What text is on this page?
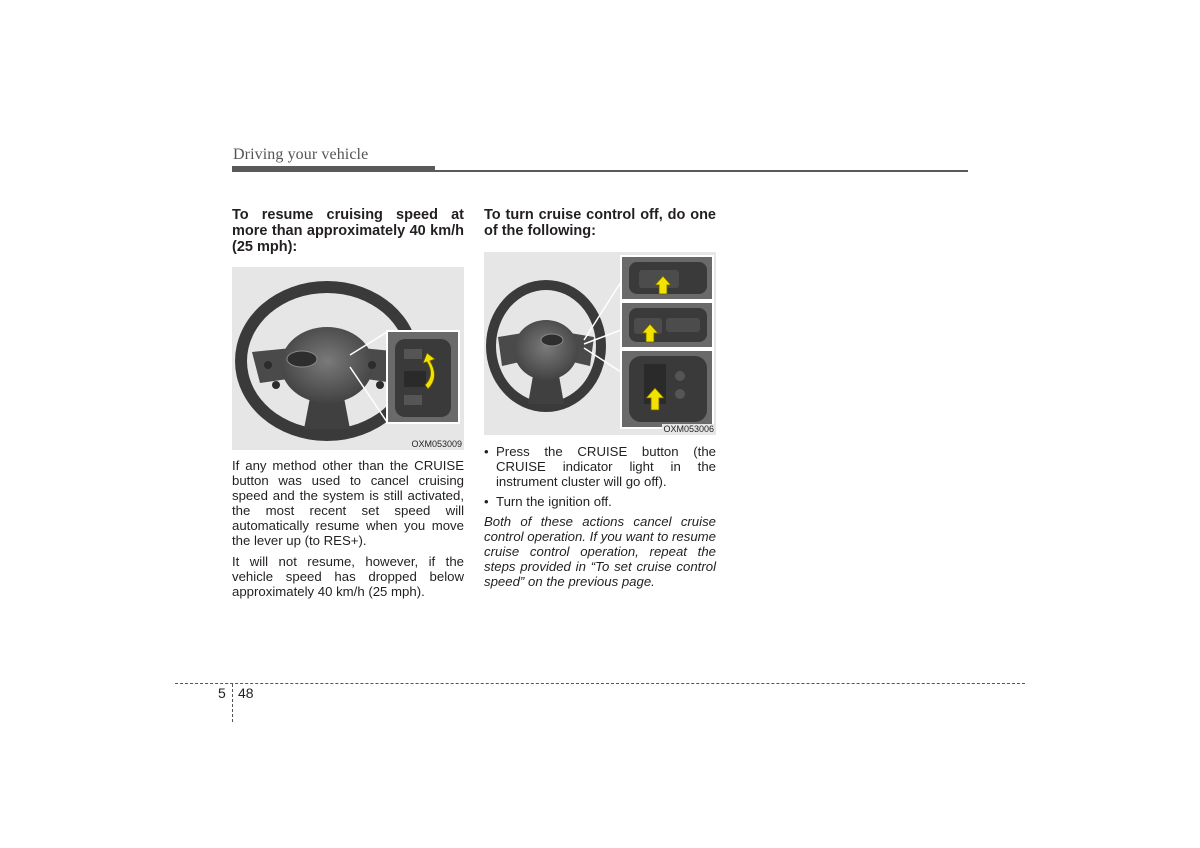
Driving your vehicle
To resume cruising speed at more than approximately 40 km/h (25 mph):
OXM053009

If any method other than the CRUISE button was used to cancel cruising speed and the system is still activated, the most recent set speed will automatically resume when you move the lever up (to RES+).

It will not resume, however, if the vehicle speed has dropped below approximately 40 km/h (25 mph).

To turn cruise control off, do one of the following:
OXM053006
• Press the CRUISE button (the CRUISE indicator light in the instrument cluster will go off).
• Turn the ignition off.

Both of these actions cancel cruise control operation. If you want to resume cruise control operation, repeat the steps provided in “To set cruise control speed” on the previous page.

5 48
